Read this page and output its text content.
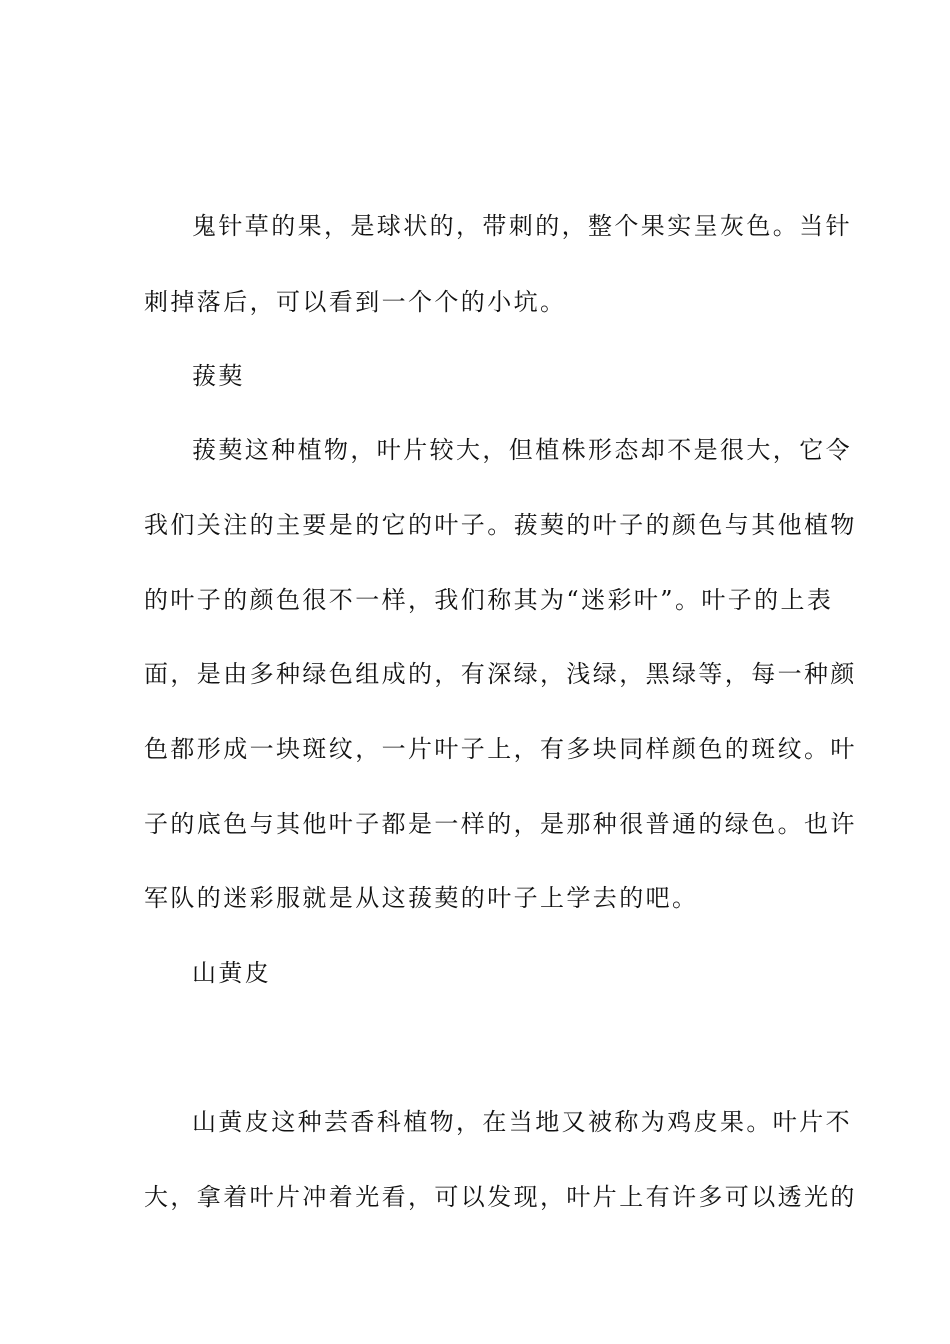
鬼针草的果，是球状的，带刺的，整个果实呈灰色。当针
刺掉落后，可以看到一个个的小坑。
菝葜
菝葜这种植物，叶片较大，但植株形态却不是很大，它令
我们关注的主要是的它的叶子。菝葜的叶子的颜色与其他植物
的叶子的颜色很不一样，我们称其为“迷彩叶”。叶子的上表
面，是由多种绿色组成的，有深绿，浅绿，黑绿等，每一种颜
色都形成一块斑纹，一片叶子上，有多块同样颜色的斑纹。叶
子的底色与其他叶子都是一样的，是那种很普通的绿色。也许
军队的迷彩服就是从这菝葜的叶子上学去的吧。
山黄皮
山黄皮这种芸香科植物，在当地又被称为鸡皮果。叶片不
大，拿着叶片冲着光看，可以发现，叶片上有许多可以透光的
